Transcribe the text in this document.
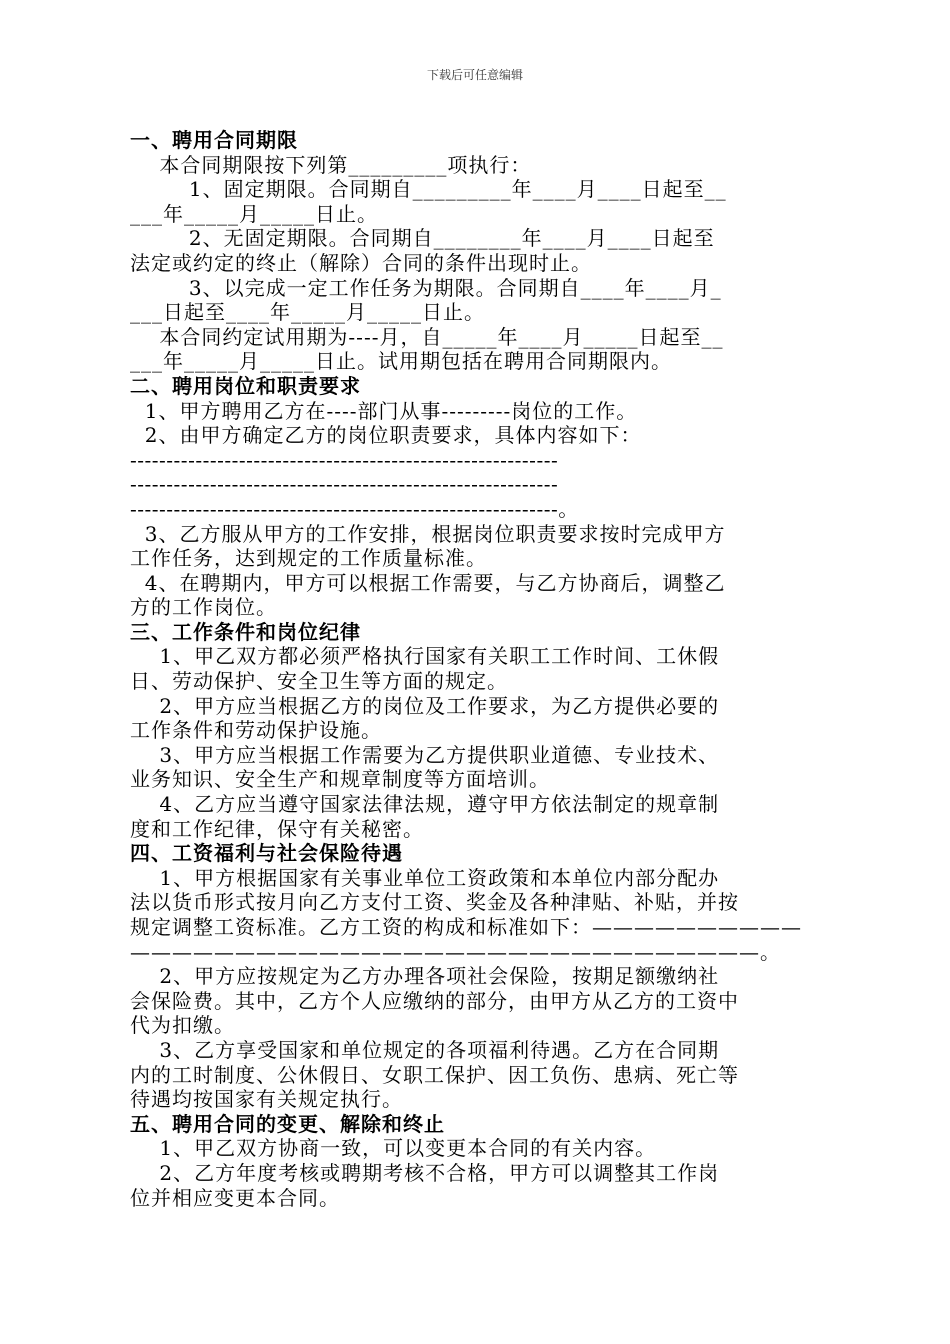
下载后可任意编辑
一、聘用合同期限
本合同期限按下列第_________项执行：
1、固定期限。合同期自_________年____月____日起至__
___年_____月_____日止。
2、无固定期限。合同期自________年____月____日起至
法定或约定的终止（解除）合同的条件出现时止。
3、以完成一定工作任务为期限。合同期自____年____月_
___日起至____年_____月_____日止。
本合同约定试用期为----月，自_____年____月_____日起至__
___年_____月_____日止。试用期包括在聘用合同期限内。
二、聘用岗位和职责要求
1、甲方聘用乙方在----部门从事---------岗位的工作。
2、由甲方确定乙方的岗位职责要求，具体内容如下：
-----------------------------------------------------------
-----------------------------------------------------------
-----------------------------------------------------------。
3、乙方服从甲方的工作安排，根据岗位职责要求按时完成甲方
工作任务，达到规定的工作质量标准。
4、在聘期内，甲方可以根据工作需要，与乙方协商后，调整乙
方的工作岗位。
三、工作条件和岗位纪律
1、甲乙双方都必须严格执行国家有关职工工作时间、工休假
日、劳动保护、安全卫生等方面的规定。
2、甲方应当根据乙方的岗位及工作要求，为乙方提供必要的
工作条件和劳动保护设施。
3、甲方应当根据工作需要为乙方提供职业道德、专业技术、
业务知识、安全生产和规章制度等方面培训。
4、乙方应当遵守国家法律法规，遵守甲方依法制定的规章制
度和工作纪律，保守有关秘密。
四、工资福利与社会保险待遇
1、甲方根据国家有关事业单位工资政策和本单位内部分配办
法以货币形式按月向乙方支付工资、奖金及各种津贴、补贴，并按
规定调整工资标准。乙方工资的构成和标准如下：——————————
——————————————————————————————。
2、甲方应按规定为乙方办理各项社会保险，按期足额缴纳社
会保险费。其中，乙方个人应缴纳的部分，由甲方从乙方的工资中
代为扣缴。
3、乙方享受国家和单位规定的各项福利待遇。乙方在合同期
内的工时制度、公休假日、女职工保护、因工负伤、患病、死亡等
待遇均按国家有关规定执行。
五、聘用合同的变更、解除和终止
1、甲乙双方协商一致，可以变更本合同的有关内容。
2、乙方年度考核或聘期考核不合格，甲方可以调整其工作岗
位并相应变更本合同。
